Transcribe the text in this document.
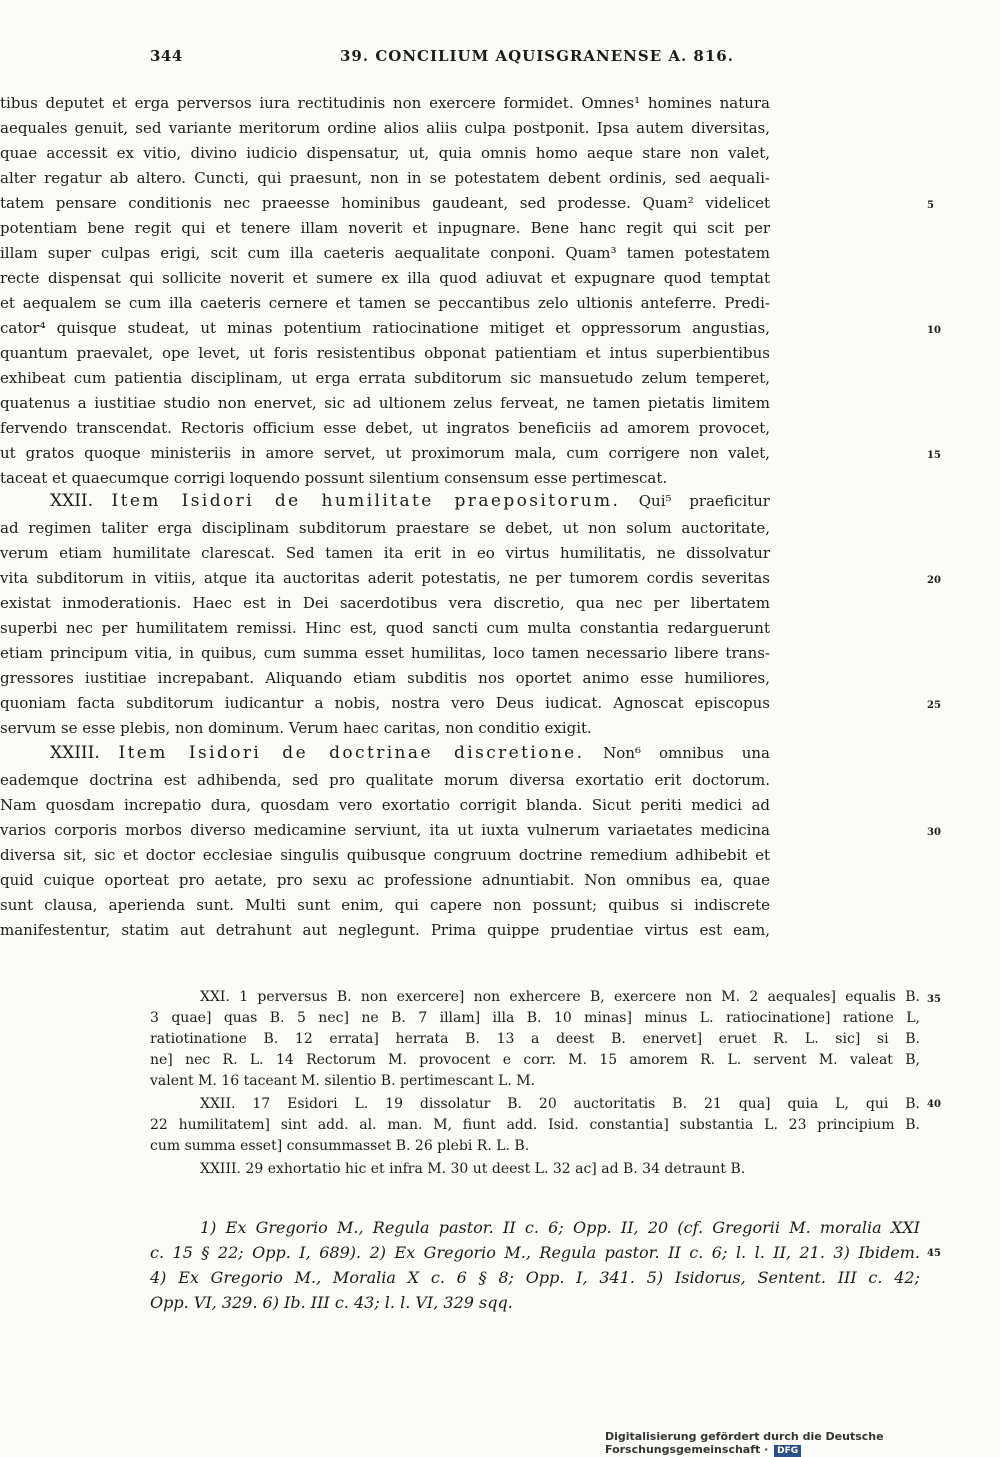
344	39. CONCILIUM AQUISGRANENSE A. 816.
tibus deputet et erga perversos iura rectitudinis non exercere formidet. Omnes¹ homines natura
aequales genuit, sed variante meritorum ordine alios aliis culpa postponit. Ipsa autem diversitas,
quae accessit ex vitio, divino iudicio dispensatur, ut, quia omnis homo aeque stare non valet,
alter regatur ab altero. Cuncti, qui praesunt, non in se potestatem debent ordinis, sed aequali-
tatem pensare conditionis nec praeesse hominibus gaudeant, sed prodesse. Quam² videlicet
potentiam bene regit qui et tenere illam noverit et inpugnare. Bene hanc regit qui scit per
illam super culpas erigi, scit cum illa caeteris aequalitate conponi. Quam³ tamen potestatem
recte dispensat qui sollicite noverit et sumere ex illa quod adiuvat et expugnare quod temptat
et aequalem se cum illa caeteris cernere et tamen se peccantibus zelo ultionis anteferre. Predi-
cator⁴ quisque studeat, ut minas potentium ratiocinatione mitiget et oppressorum angustias,
quantum praevalet, ope levet, ut foris resistentibus obponat patientiam et intus superbientibus
exhibeat cum patientia disciplinam, ut erga errata subditorum sic mansuetudo zelum temperet,
quatenus a iustitiae studio non enervet, sic ad ultionem zelus ferveat, ne tamen pietatis limitem
fervendo transcendat. Rectoris officium esse debet, ut ingratos beneficiis ad amorem provocet,
ut gratos quoque ministeriis in amore servet, ut proximorum mala, cum corrigere non valet,
taceat et quaecumque corrigi loquendo possunt silentium consensum esse pertimescat.
XXII. Item Isidori de humilitate praepositorum. Qui⁵ praeficitur
ad regimen taliter erga disciplinam subditorum praestare se debet, ut non solum auctoritate,
verum etiam humilitate clarescat. Sed tamen ita erit in eo virtus humilitatis, ne dissolvatur
vita subditorum in vitiis, atque ita auctoritas aderit potestatis, ne per tumorem cordis severitas
existat inmoderationis. Haec est in Dei sacerdotibus vera discretio, qua nec per libertatem
superbi nec per humilitatem remissi. Hinc est, quod sancti cum multa constantia redarguerunt
etiam principum vitia, in quibus, cum summa esset humilitas, loco tamen necessario libere trans-
gressores iustitiae increpabant. Aliquando etiam subditis nos oportet animo esse humiliores,
quoniam facta subditorum iudicantur a nobis, nostra vero Deus iudicat. Agnoscat episcopus
servum se esse plebis, non dominum. Verum haec caritas, non conditio exigit.
XXIII. Item Isidori de doctrinae discretione. Non⁶ omnibus una
eademque doctrina est adhibenda, sed pro qualitate morum diversa exortatio erit doctorum.
Nam quosdam increpatio dura, quosdam vero exortatio corrigit blanda. Sicut periti medici ad
varios corporis morbos diverso medicamine serviunt, ita ut iuxta vulnerum variaetates medicina
diversa sit, sic et doctor ecclesiae singulis quibusque congruum doctrine remedium adhibebit et
quid cuique oporteat pro aetate, pro sexu ac professione adnuntiabit. Non omnibus ea, quae
sunt clausa, aperienda sunt. Multi sunt enim, qui capere non possunt; quibus si indiscrete
manifestentur, statim aut detrahunt aut neglegunt. Prima quippe prudentiae virtus est eam,
5
10
15
20
25
30
35
40
45
XXI. 1 perversus B. non exercere] non exhercere B, exercere non M. 2 aequales] equalis B.
3 quae] quas B. 5 nec] ne B. 7 illam] illa B. 10 minas] minus L. ratiocinatione] ratione L,
ratiotinatione B. 12 errata] herrata B. 13 a deest B. enervet] eruet R. L. sic] si B.
ne] nec R. L. 14 Rectorum M. provocent e corr. M. 15 amorem R. L. servent M. valeat B,
valent M. 16 taceant M. silentio B. pertimescant L. M.
XXII. 17 Esidori L. 19 dissolatur B. 20 auctoritatis B. 21 qua] quia L, qui B.
22 humilitatem] sint add. al. man. M, fiunt add. Isid. constantia] substantia L. 23 principium B.
cum summa esset] consummasset B. 26 plebi R. L. B.
XXIII. 29 exhortatio hic et infra M. 30 ut deest L. 32 ac] ad B. 34 detraunt B.
1) Ex Gregorio M., Regula pastor. II c. 6; Opp. II, 20 (cf. Gregorii M. moralia XXI
c. 15 § 22; Opp. I, 689). 2) Ex Gregorio M., Regula pastor. II c. 6; l. l. II, 21. 3) Ibidem.
4) Ex Gregorio M., Moralia X c. 6 § 8; Opp. I, 341. 5) Isidorus, Sentent. III c. 42;
Opp. VI, 329. 6) Ib. III c. 43; l. l. VI, 329 sqq.
Digitalisierung gefördert durch die Deutsche Forschungsgemeinschaft · DFG
